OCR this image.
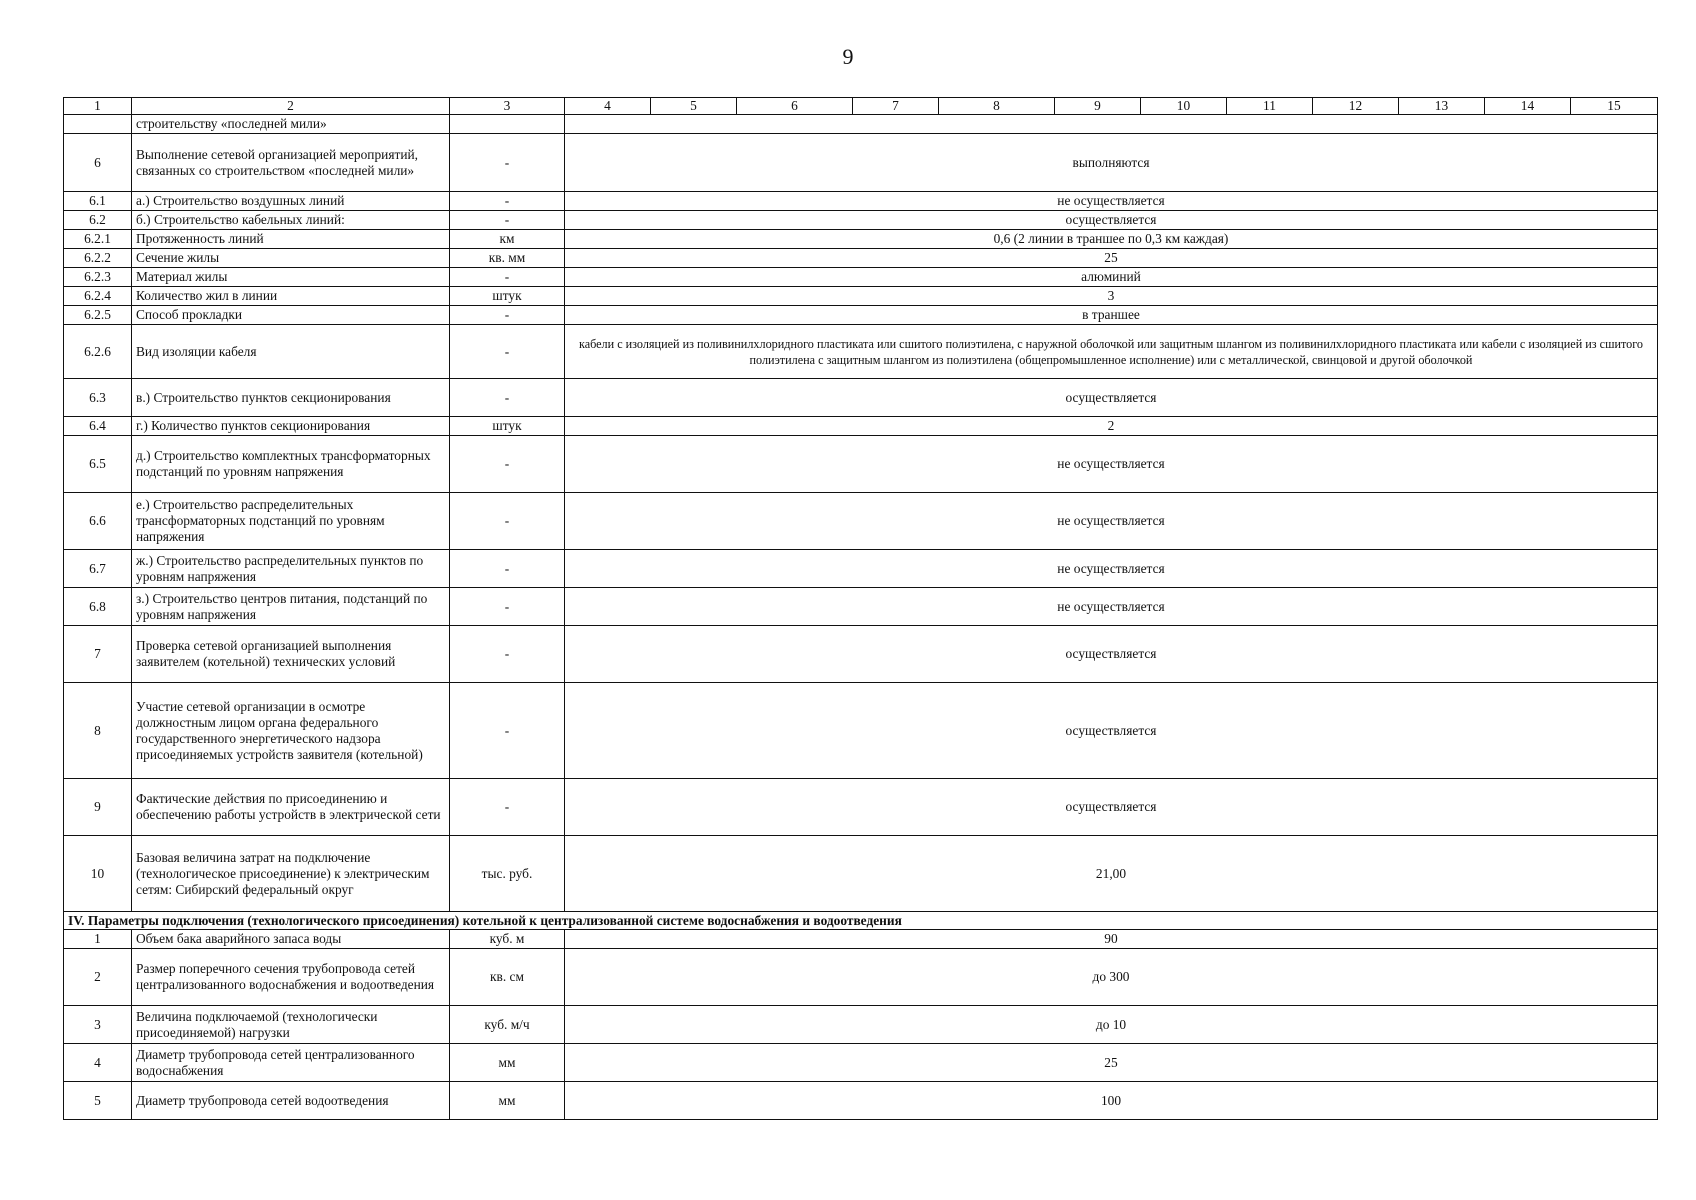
9
1	2	3	4	5	6	7	8	9	10	11	12	13	14	15
	строительству «последней мили»													
6	Выполнение сетевой организацией мероприятий, связанных со строительством «последней мили»	-	выполняются											
6.1	а.) Строительство воздушных линий	-	не осуществляется											
6.2	б.) Строительство кабельных линий:	-	осуществляется											
6.2.1	Протяженность линий	км	0,6 (2 линии в траншее по 0,3 км каждая)											
6.2.2	Сечение жилы	кв. мм	25											
6.2.3	Материал жилы	-	алюминий											
6.2.4	Количество жил в линии	штук	3											
6.2.5	Способ прокладки	-	в траншее											
6.2.6	Вид изоляции кабеля	-	кабели с изоляцией из поливинилхлоридного пластиката или сшитого полиэтилена, с наружной оболочкой или защитным шлангом из поливинилхлоридного пластиката или кабели с изоляцией из сшитого полиэтилена с защитным шлангом из полиэтилена (общепромышленное исполнение) или с металлической, свинцовой и другой оболочкой											
6.3	в.) Строительство пунктов секционирования	-	осуществляется											
6.4	г.) Количество пунктов секционирования	штук	2											
6.5	д.) Строительство комплектных трансформаторных подстанций по уровням напряжения	-	не осуществляется											
6.6	е.) Строительство распределительных трансформаторных подстанций по уровням напряжения	-	не осуществляется											
6.7	ж.) Строительство распределительных пунктов по уровням напряжения	-	не осуществляется											
6.8	з.) Строительство центров питания, подстанций по уровням напряжения	-	не осуществляется											
7	Проверка сетевой организацией выполнения заявителем (котельной) технических условий	-	осуществляется											
8	Участие сетевой организации в осмотре должностным лицом органа федерального государственного энергетического надзора присоединяемых устройств заявителя (котельной)	-	осуществляется											
9	Фактические действия по присоединению и обеспечению работы устройств в электрической сети	-	осуществляется											
10	Базовая величина затрат на подключение (технологическое присоединение) к электрическим сетям: Сибирский федеральный округ	тыс. руб.	21,00											
IV. Параметры подключения (технологического присоединения) котельной к централизованной системе водоснабжения и водоотведения														
1	Объем бака аварийного запаса воды	куб. м	90											
2	Размер поперечного сечения трубопровода сетей централизованного водоснабжения и водоотведения	кв. см	до 300											
3	Величина подключаемой (технологически присоединяемой) нагрузки	куб. м/ч	до 10											
4	Диаметр трубопровода сетей централизованного водоснабжения	мм	25											
5	Диаметр трубопровода сетей водоотведения	мм	100											
